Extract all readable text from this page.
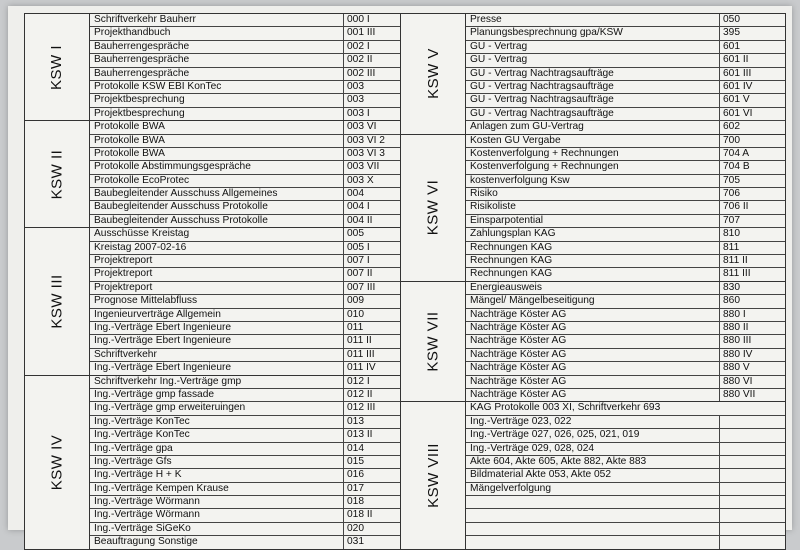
KSW I
Schriftverkehr Bauherr	000 I
Projekthandbuch	001 III
Bauherrengespräche	002 I
Bauherrengespräche	002 II
Bauherrengespräche	002 III
Protokolle KSW EBI KonTec	003
Projektbesprechung	003
Projektbesprechung	003 I
KSW II
Protokolle BWA	003 VI
Protokolle BWA	003 VI 2
Protokolle BWA	003 VI 3
Protokolle Abstimmungsgespräche	003 VII
Protokolle EcoProtec	003 X
Baubegleitender Ausschuss Allgemeines	004
Baubegleitender Ausschuss Protokolle	004 I
Baubegleitender Ausschuss Protokolle	004 II
KSW III
Ausschüsse Kreistag	005
Kreistag 2007-02-16	005 I
Projektreport	007 I
Projektreport	007 II
Projektreport	007 III
Prognose Mittelabfluss	009
Ingenieurverträge Allgemein	010
Ing.-Verträge Ebert Ingenieure	011
Ing.-Verträge Ebert Ingenieure	011 II
Schriftverkehr	011 III
Ing.-Verträge Ebert Ingenieure	011 IV
KSW IV
Schriftverkehr Ing.-Verträge gmp	012 I
Ing.-Verträge gmp fassade	012 II
Ing.-Verträge gmp erweiteruingen	012 III
Ing.-Verträge KonTec	013
Ing.-Verträge KonTec	013 II
Ing.-Verträge gpa	014
Ing.-Verträge Gfs	015
Ing.-Verträge H + K	016
Ing.-Verträge Kempen Krause	017
Ing.-Verträge Wörmann	018
Ing.-Verträge Wörmann	018 II
Ing.-Verträge SiGeKo	020
Beauftragung Sonstige	031
KSW V
Presse	050
Planungsbesprechnung gpa/KSW	395
GU - Vertrag	601
GU - Vertrag	601 II
GU - Vertrag Nachtragsaufträge	601 III
GU - Vertrag Nachtragsaufträge	601 IV
GU - Vertrag Nachtragsaufträge	601 V
GU - Vertrag Nachtragsaufträge	601 VI
Anlagen zum GU-Vertrag	602
KSW VI
Kosten GU Vergabe	700
Kostenverfolgung + Rechnungen	704 A
Kostenverfolgung + Rechnungen	704 B
kostenverfolgung Ksw	705
Risiko	706
Risikoliste	706 II
Einsparpotential	707
Zahlungsplan KAG	810
Rechnungen KAG	811
Rechnungen KAG	811 II
Rechnungen KAG	811 III
KSW VII
Energieausweis	830
Mängel/ Mängelbeseitigung	860
Nachträge Köster AG	880 I
Nachträge Köster AG	880 II
Nachträge Köster AG	880 III
Nachträge Köster AG	880 IV
Nachträge Köster AG	880 V
Nachträge Köster AG	880 VI
Nachträge Köster AG	880 VII
KSW VIII
KAG Protokolle 003 XI, Schriftverkehr 693
Ing.-Verträge 023, 022
Ing.-Verträge 027, 026, 025, 021, 019
Ing.-Verträge 029, 028, 024
Akte 604, Akte 605, Akte 882, Akte 883
Bildmaterial Akte 053, Akte 052
Mängelverfolgung
